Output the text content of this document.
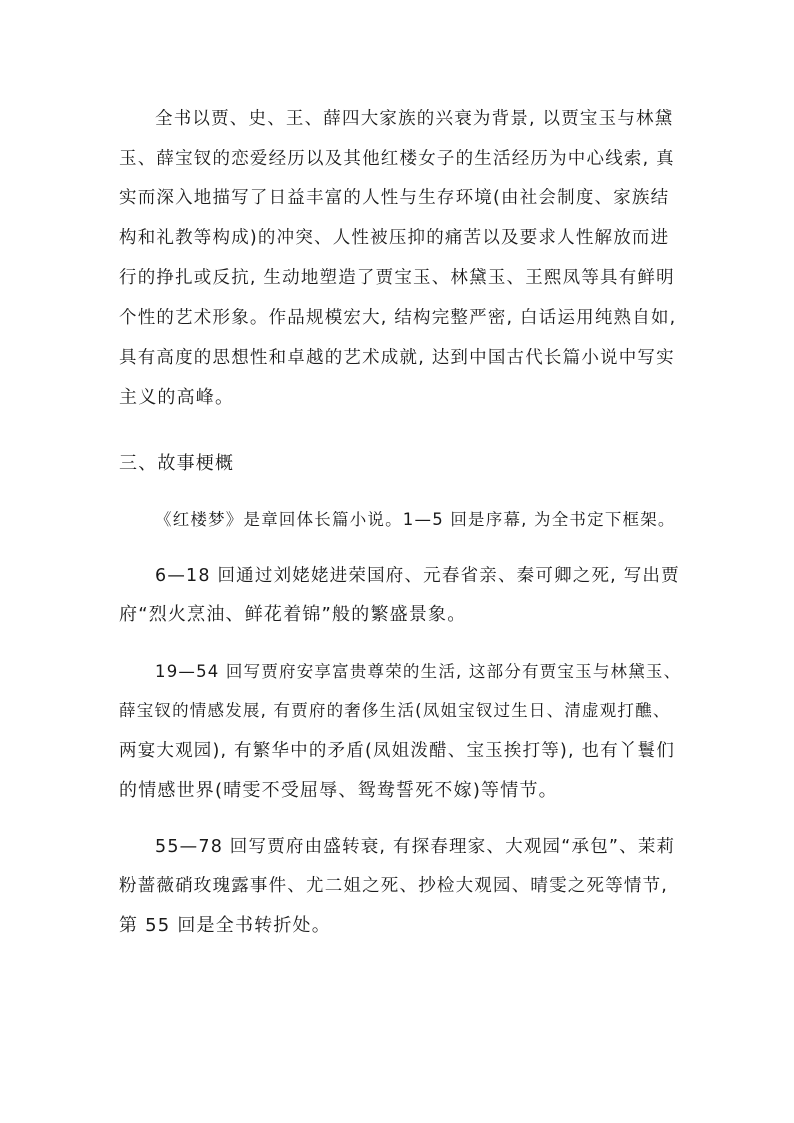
全书以贾、史、王、薛四大家族的兴衰为背景, 以贾宝玉与林黛
玉、薛宝钗的恋爱经历以及其他红楼女子的生活经历为中心线索, 真
实而深入地描写了日益丰富的人性与生存环境(由社会制度、家族结
构和礼教等构成)的冲突、人性被压抑的痛苦以及要求人性解放而进
行的挣扎或反抗, 生动地塑造了贾宝玉、林黛玉、王熙凤等具有鲜明
个性的艺术形象。作品规模宏大, 结构完整严密, 白话运用纯熟自如,
具有高度的思想性和卓越的艺术成就, 达到中国古代长篇小说中写实
主义的高峰。
三、故事梗概
《红楼梦》是章回体长篇小说。1—5 回是序幕, 为全书定下框架。
6—18 回通过刘姥姥进荣国府、元春省亲、秦可卿之死, 写出贾
府“烈火烹油、鲜花着锦”般的繁盛景象。
19—54 回写贾府安享富贵尊荣的生活, 这部分有贾宝玉与林黛玉、
薛宝钗的情感发展, 有贾府的奢侈生活(凤姐宝钗过生日、清虚观打醮、
两宴大观园), 有繁华中的矛盾(凤姐泼醋、宝玉挨打等), 也有丫鬟们
的情感世界(晴雯不受屈辱、鸳鸯誓死不嫁)等情节。
55—78 回写贾府由盛转衰, 有探春理家、大观园“承包”、茉莉
粉蔷薇硝玫瑰露事件、尤二姐之死、抄检大观园、晴雯之死等情节,
第 55 回是全书转折处。
